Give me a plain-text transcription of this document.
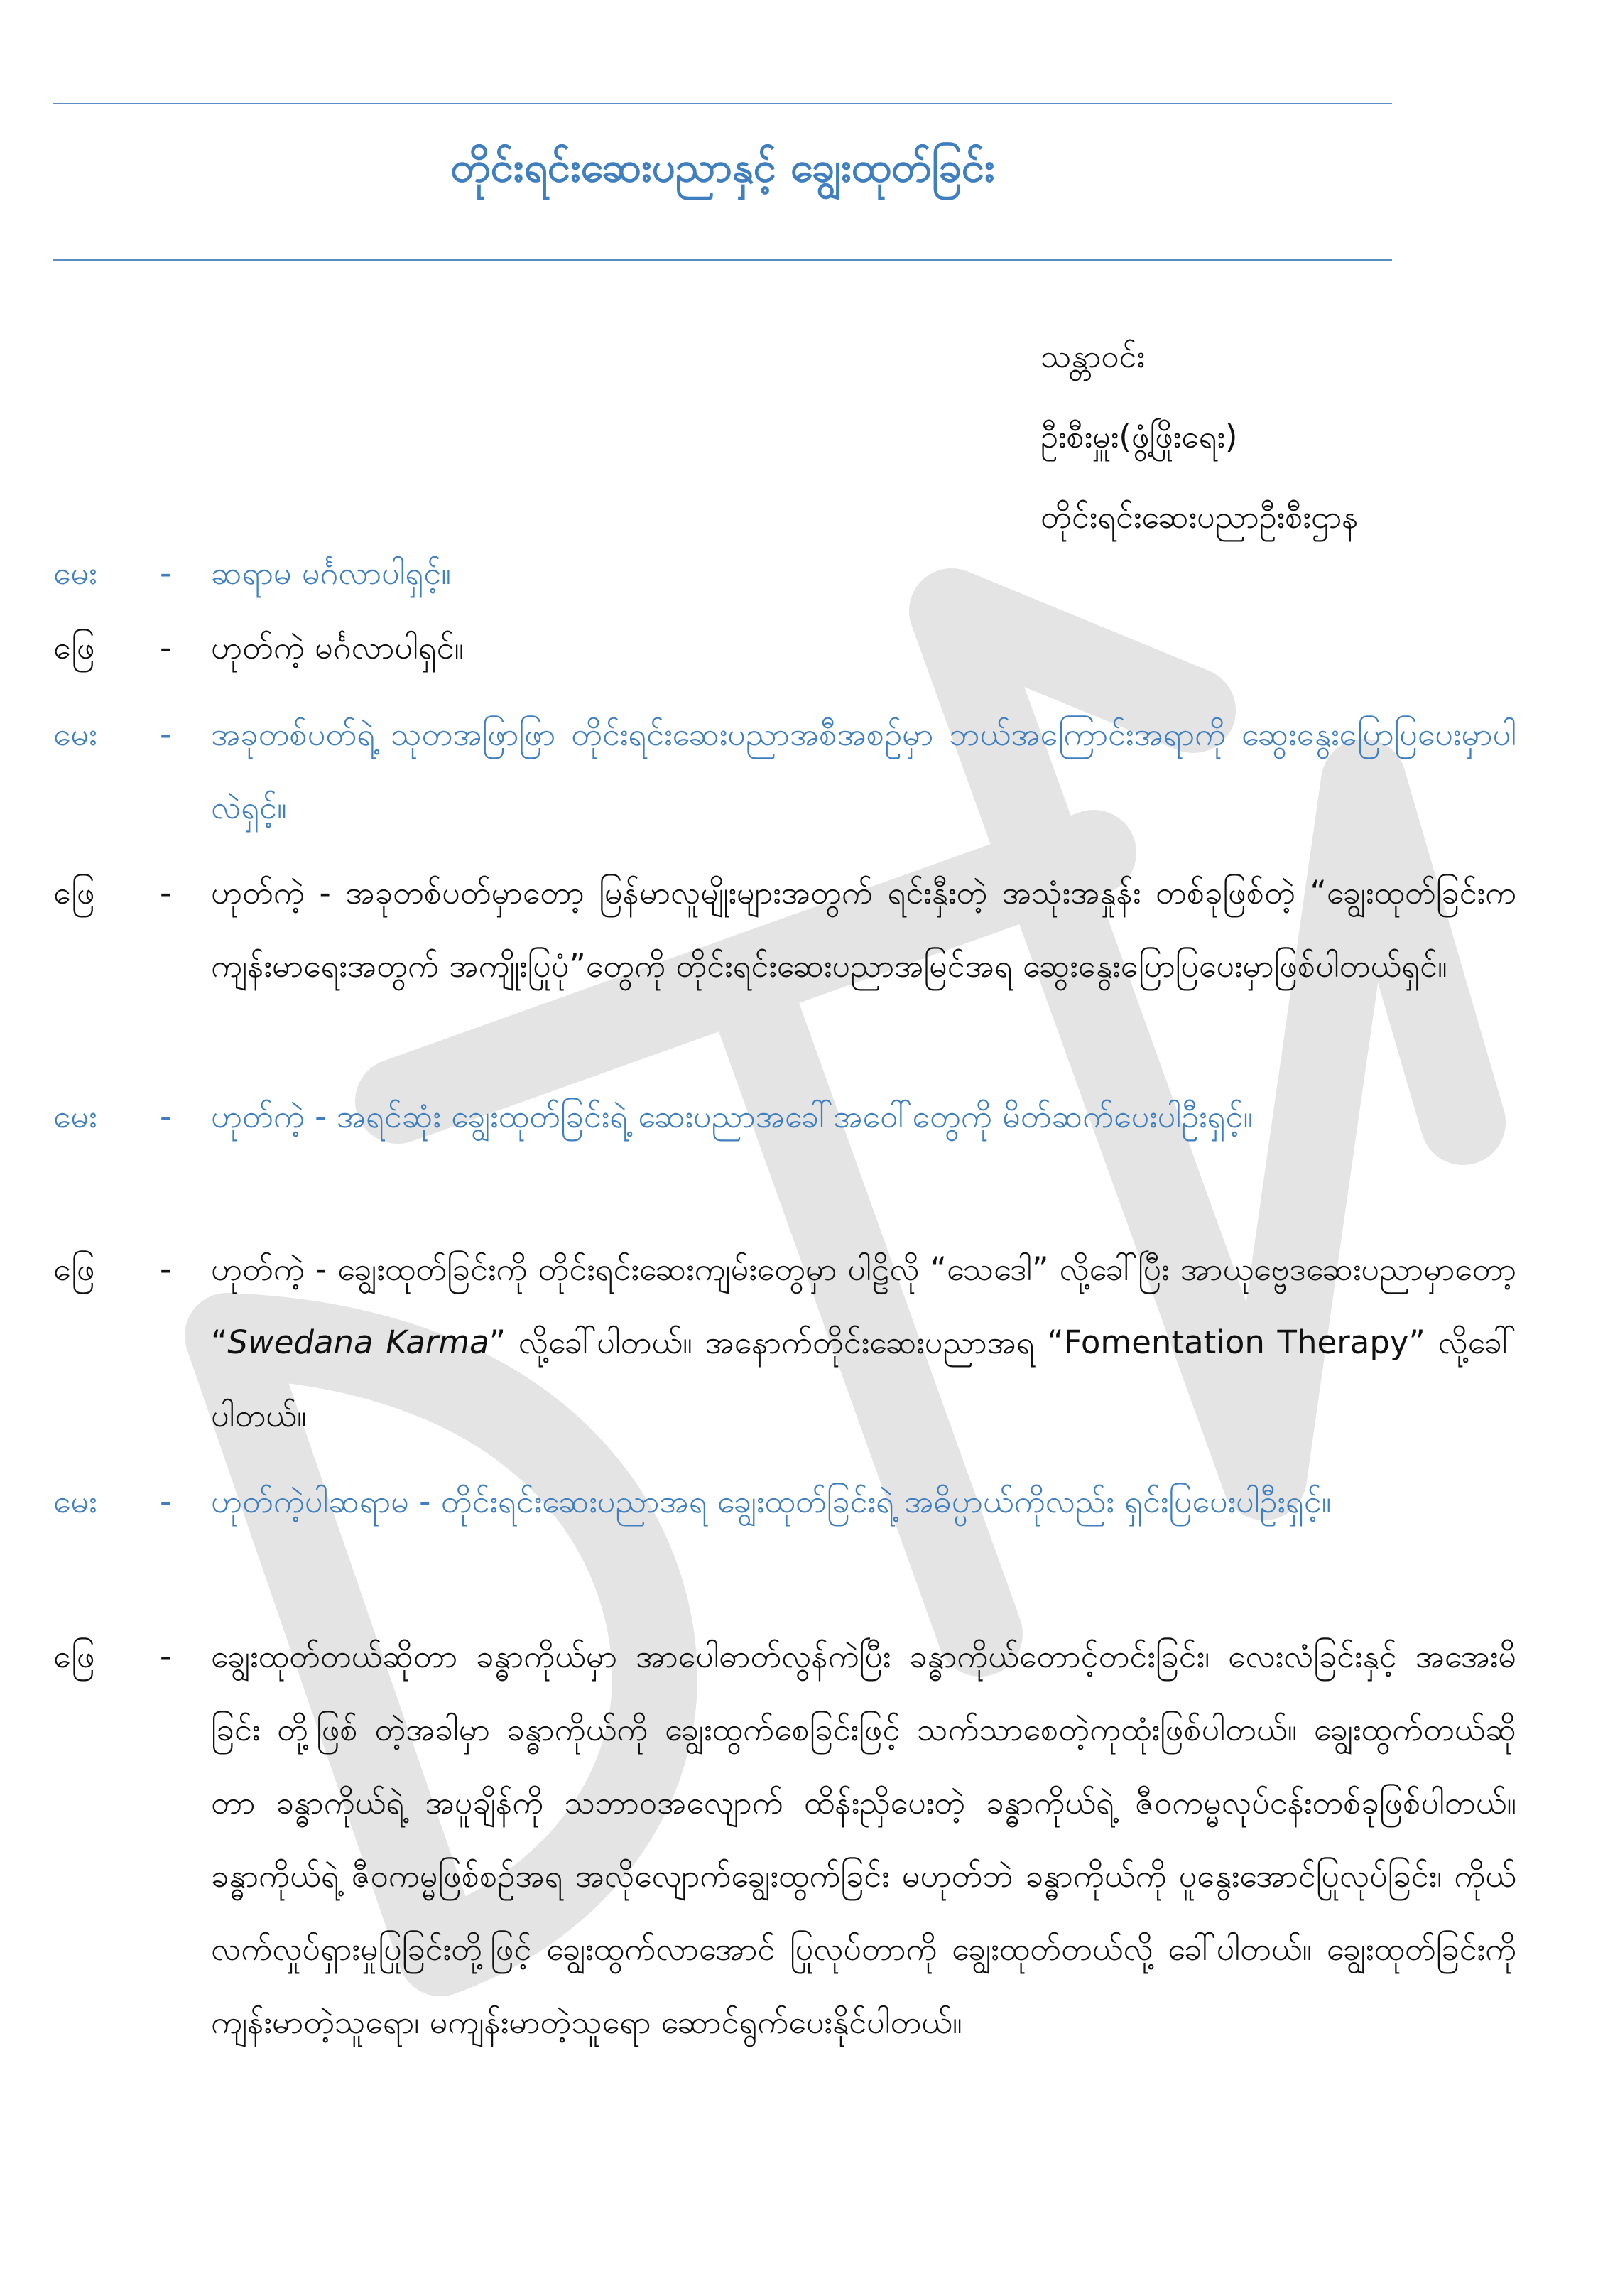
တိုင်းရင်းဆေးပညာနှင့် ချွေးထုတ်ခြင်း
သန္တာဝင်း
ဦးစီးမှူး(ဖွံ့ဖြိုးရေး)
တိုင်းရင်းဆေးပညာဦးစီးဌာန
မေး	-	ဆရာမ မင်္ဂလာပါရှင့်။
ဖြေ	-	ဟုတ်ကဲ့ မင်္ဂလာပါရှင်။
မေး	-	အခုတစ်ပတ်ရဲ့ သုတအဖြာဖြာ တိုင်းရင်းဆေးပညာအစီအစဉ်မှာ ဘယ်အကြောင်းအရာကို ဆွေးနွေးပြောပြပေးမှာပါလဲရှင့်။
ဖြေ	-	ဟုတ်ကဲ့ - အခုတစ်ပတ်မှာတော့ မြန်မာလူမျိုးများအတွက် ရင်းနှီးတဲ့ အသုံးအနှုန်း တစ်ခုဖြစ်တဲ့ “ချွေးထုတ်ခြင်းက ကျန်းမာရေးအတွက် အကျိုးပြုပုံ”တွေကို တိုင်းရင်းဆေးပညာအမြင်အရ ဆွေးနွေးပြောပြပေးမှာဖြစ်ပါတယ်ရှင်။
မေး	-	ဟုတ်ကဲ့ - အရင်ဆုံး ချွေးထုတ်ခြင်းရဲ့ ဆေးပညာအခေါ်အဝေါ်တွေကို မိတ်ဆက်ပေးပါဦးရှင့်။
ဖြေ	-	ဟုတ်ကဲ့ - ချွေးထုတ်ခြင်းကို တိုင်းရင်းဆေးကျမ်းတွေမှာ ပါဠိလို “သေဒေါ” လို့ခေါ်ပြီး အာယုဗ္ဗေဒဆေးပညာမှာတော့ “Swedana Karma” လို့ခေါ်ပါတယ်။ အနောက်တိုင်းဆေးပညာအရ “Fomentation Therapy” လို့ခေါ်ပါတယ်။
မေး	-	ဟုတ်ကဲ့ပါဆရာမ - တိုင်းရင်းဆေးပညာအရ ချွေးထုတ်ခြင်းရဲ့ အဓိပ္ပာယ်ကိုလည်း ရှင်းပြပေးပါဦးရှင့်။
ဖြေ	-	ချွေးထုတ်တယ်ဆိုတာ ခန္ဓာကိုယ်မှာ အာပေါဓာတ်လွန်ကဲပြီး ခန္ဓာကိုယ်တောင့်တင်းခြင်း၊ လေးလံခြင်းနှင့် အအေးမိခြင်း တို့ဖြစ် တဲ့အခါမှာ ခန္ဓာကိုယ်ကို ချွေးထွက်စေခြင်းဖြင့် သက်သာစေတဲ့ကုထုံးဖြစ်ပါတယ်။ ချွေးထွက်တယ်ဆိုတာ ခန္ဓာကိုယ်ရဲ့ အပူချိန်ကို သဘာဝအလျောက် ထိန်းညှိပေးတဲ့ ခန္ဓာကိုယ်ရဲ့ ဇီဝကမ္မလုပ်ငန်းတစ်ခုဖြစ်ပါတယ်။ ခန္ဓာကိုယ်ရဲ့ ဇီဝကမ္မဖြစ်စဉ်အရ အလိုလျောက်ချွေးထွက်ခြင်း မဟုတ်ဘဲ ခန္ဓာကိုယ်ကို ပူနွေးအောင်ပြုလုပ်ခြင်း၊ ကိုယ်လက်လှုပ်ရှားမှုပြုခြင်းတို့ဖြင့် ချွေးထွက်လာအောင် ပြုလုပ်တာကို ချွေးထုတ်တယ်လို့ ခေါ်ပါတယ်။ ချွေးထုတ်ခြင်းကို ကျန်းမာတဲ့သူရော၊ မကျန်းမာတဲ့သူရော ဆောင်ရွက်ပေးနိုင်ပါတယ်။
